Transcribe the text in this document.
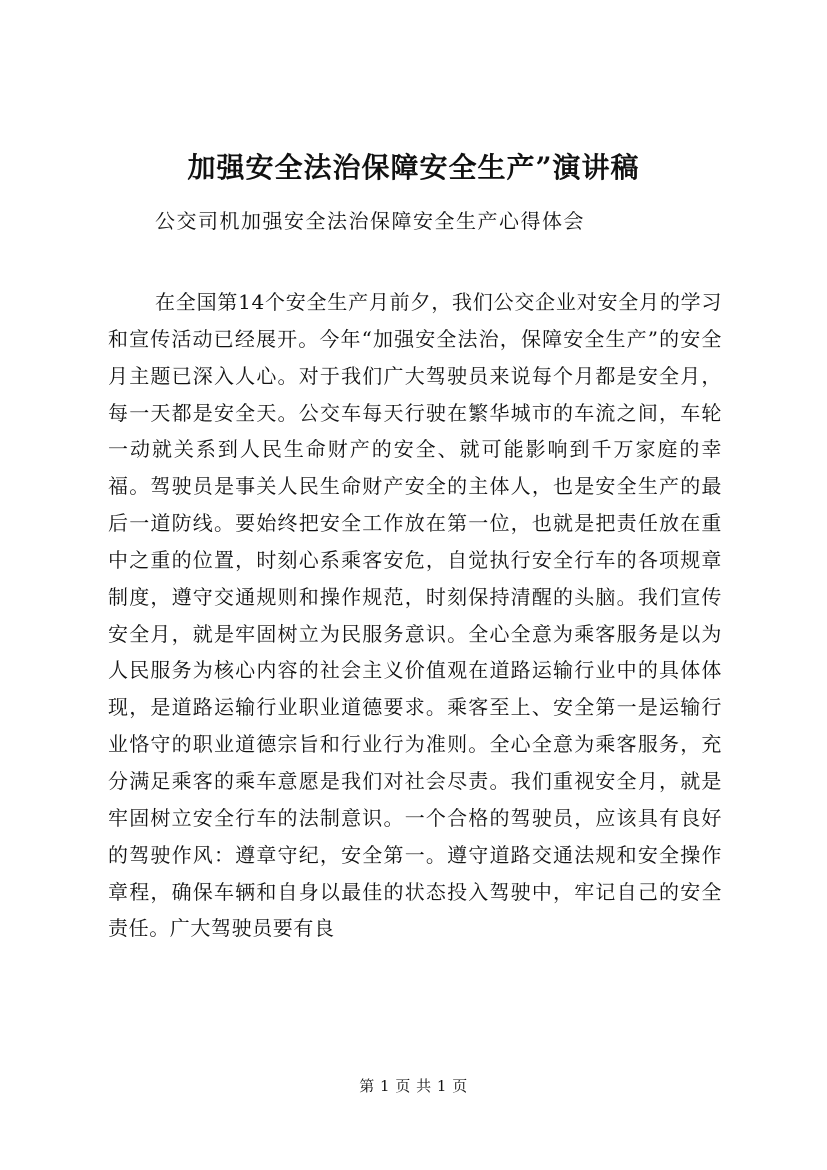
加强安全法治保障安全生产”演讲稿
公交司机加强安全法治保障安全生产心得体会

在全国第14个安全生产月前夕，我们公交企业对安全月的学习和宣传活动已经展开。今年“加强安全法治，保障安全生产”的安全月主题已深入人心。对于我们广大驾驶员来说每个月都是安全月，每一天都是安全天。公交车每天行驶在繁华城市的车流之间，车轮一动就关系到人民生命财产的安全、就可能影响到千万家庭的幸福。驾驶员是事关人民生命财产安全的主体人，也是安全生产的最后一道防线。要始终把安全工作放在第一位，也就是把责任放在重中之重的位置，时刻心系乘客安危，自觉执行安全行车的各项规章制度，遵守交通规则和操作规范，时刻保持清醒的头脑。我们宣传安全月，就是牢固树立为民服务意识。全心全意为乘客服务是以为人民服务为核心内容的社会主义价值观在道路运输行业中的具体体现，是道路运输行业职业道德要求。乘客至上、安全第一是运输行业恪守的职业道德宗旨和行业行为准则。全心全意为乘客服务，充分满足乘客的乘车意愿是我们对社会尽责。我们重视安全月，就是牢固树立安全行车的法制意识。一个合格的驾驶员，应该具有良好的驾驶作风：遵章守纪，安全第一。遵守道路交通法规和安全操作章程，确保车辆和自身以最佳的状态投入驾驶中，牢记自己的安全责任。广大驾驶员要有良

第 1 页 共 1 页
